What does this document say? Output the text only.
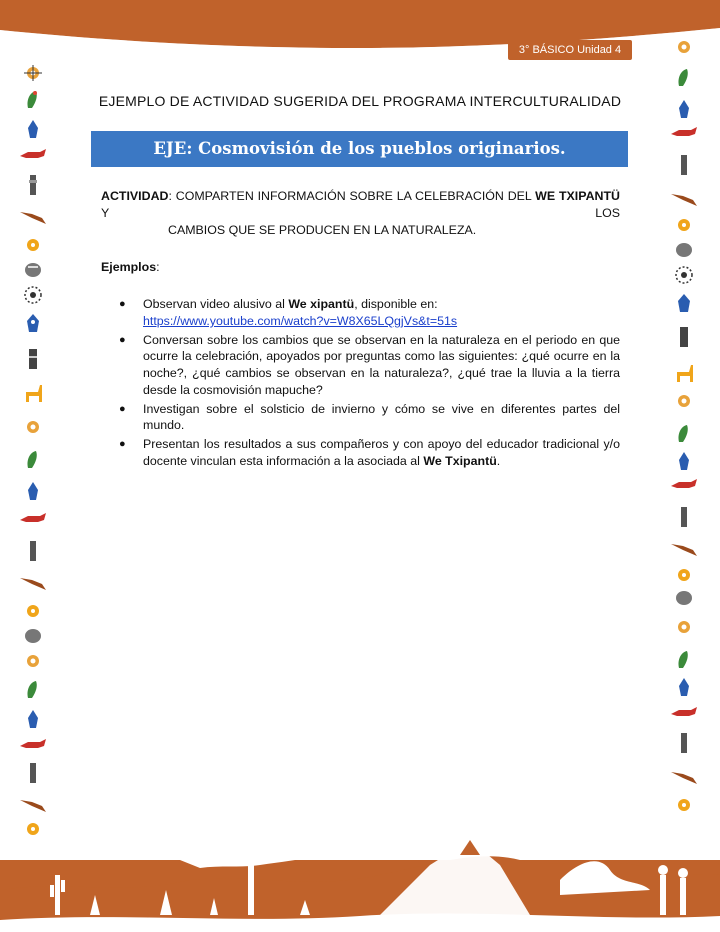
3° BÁSICO Unidad 4
EJEMPLO DE ACTIVIDAD SUGERIDA DEL PROGRAMA INTERCULTURALIDAD
EJE: Cosmovisión de los pueblos originarios.
ACTIVIDAD: COMPARTEN INFORMACIÓN SOBRE LA CELEBRACIÓN DEL WE TXIPANTÜ Y LOS
CAMBIOS QUE SE PRODUCEN EN LA NATURALEZA.
Ejemplos:
● Observan video alusivo al We xipantü, disponible en:
https://www.youtube.com/watch?v=W8X65LQgjVs&t=51s
● Conversan sobre los cambios que se observan en la naturaleza en el periodo en que ocurre la celebración, apoyados por preguntas como las siguientes: ¿qué ocurre en la noche?, ¿qué cambios se observan en la naturaleza?, ¿qué trae la lluvia a la tierra desde la cosmovisión mapuche?
● Investigan sobre el solsticio de invierno y cómo se vive en diferentes partes del mundo.
● Presentan los resultados a sus compañeros y con apoyo del educador tradicional y/o docente vinculan esta información a la asociada al We Txipantü.
